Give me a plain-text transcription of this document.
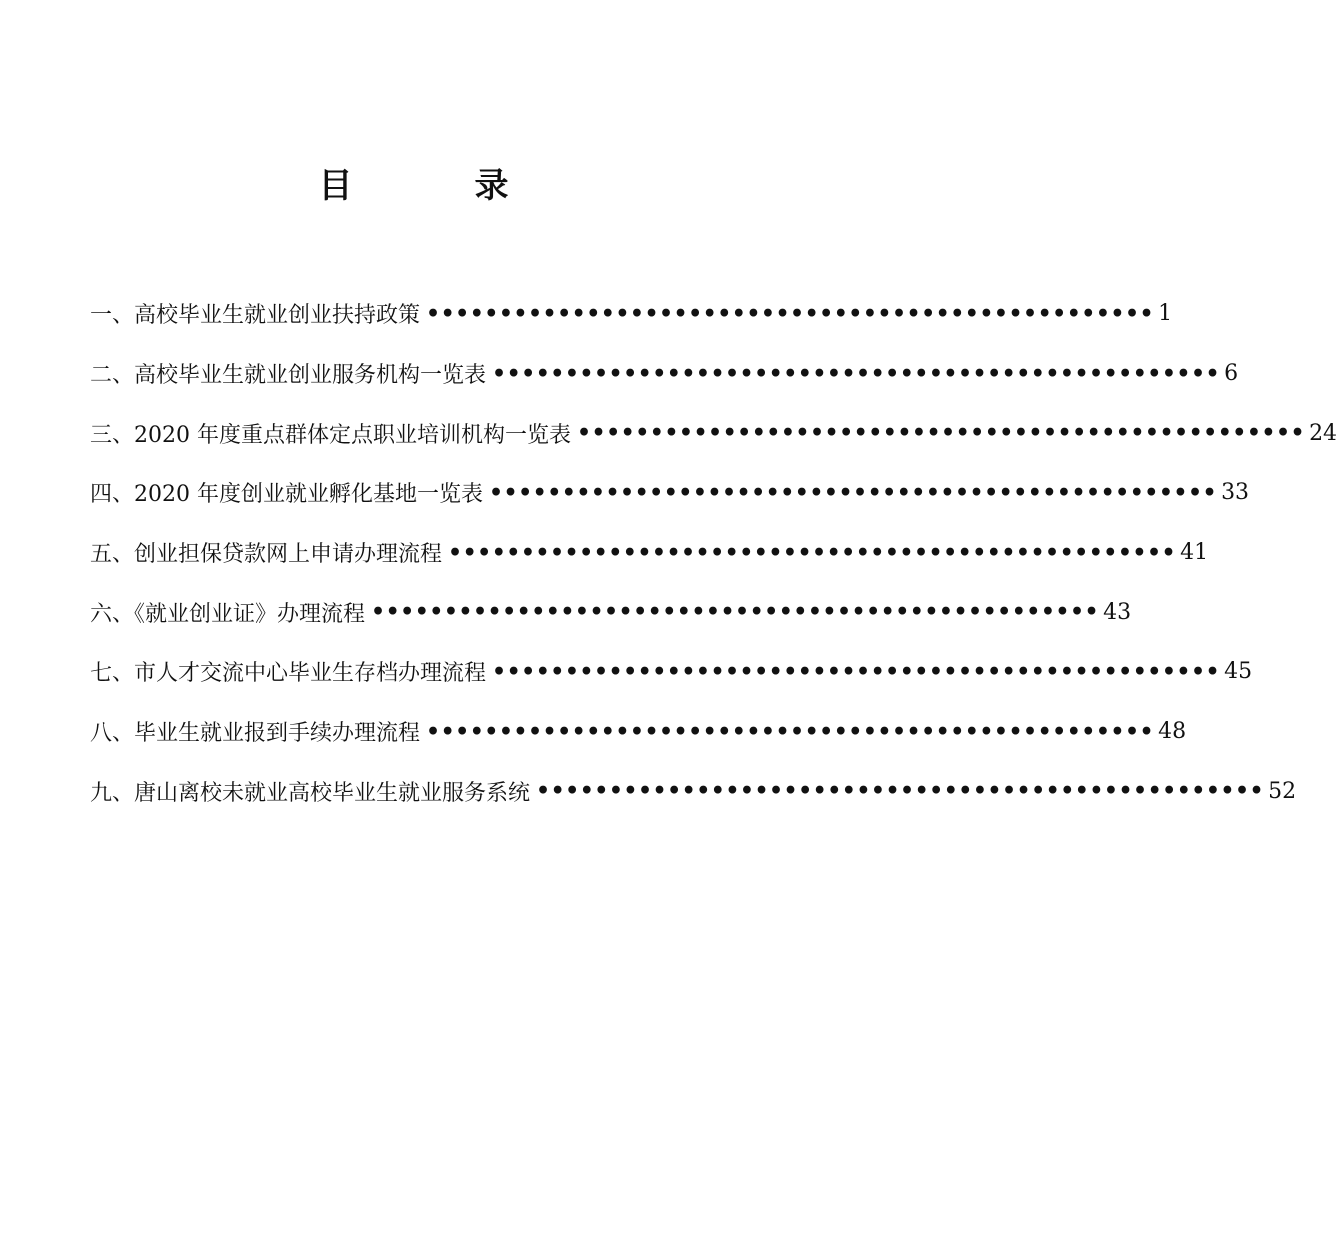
目　录
一、高校毕业生就业创业扶持政策 •••••••••••••••••••••••••••••••••••••••••••••••••• 1
二、高校毕业生就业创业服务机构一览表 •••••••••••••••••••••••••••••••••••••••••••••••••• 6
三、2020 年度重点群体定点职业培训机构一览表 •••••••••••••••••••••••••••••••••••••••••••••••••• 24
四、2020 年度创业就业孵化基地一览表 •••••••••••••••••••••••••••••••••••••••••••••••••• 33
五、创业担保贷款网上申请办理流程 •••••••••••••••••••••••••••••••••••••••••••••••••• 41
六、《就业创业证》办理流程 •••••••••••••••••••••••••••••••••••••••••••••••••• 43
七、市人才交流中心毕业生存档办理流程 •••••••••••••••••••••••••••••••••••••••••••••••••• 45
八、毕业生就业报到手续办理流程 •••••••••••••••••••••••••••••••••••••••••••••••••• 48
九、唐山离校未就业高校毕业生就业服务系统 •••••••••••••••••••••••••••••••••••••••••••••••••• 52
